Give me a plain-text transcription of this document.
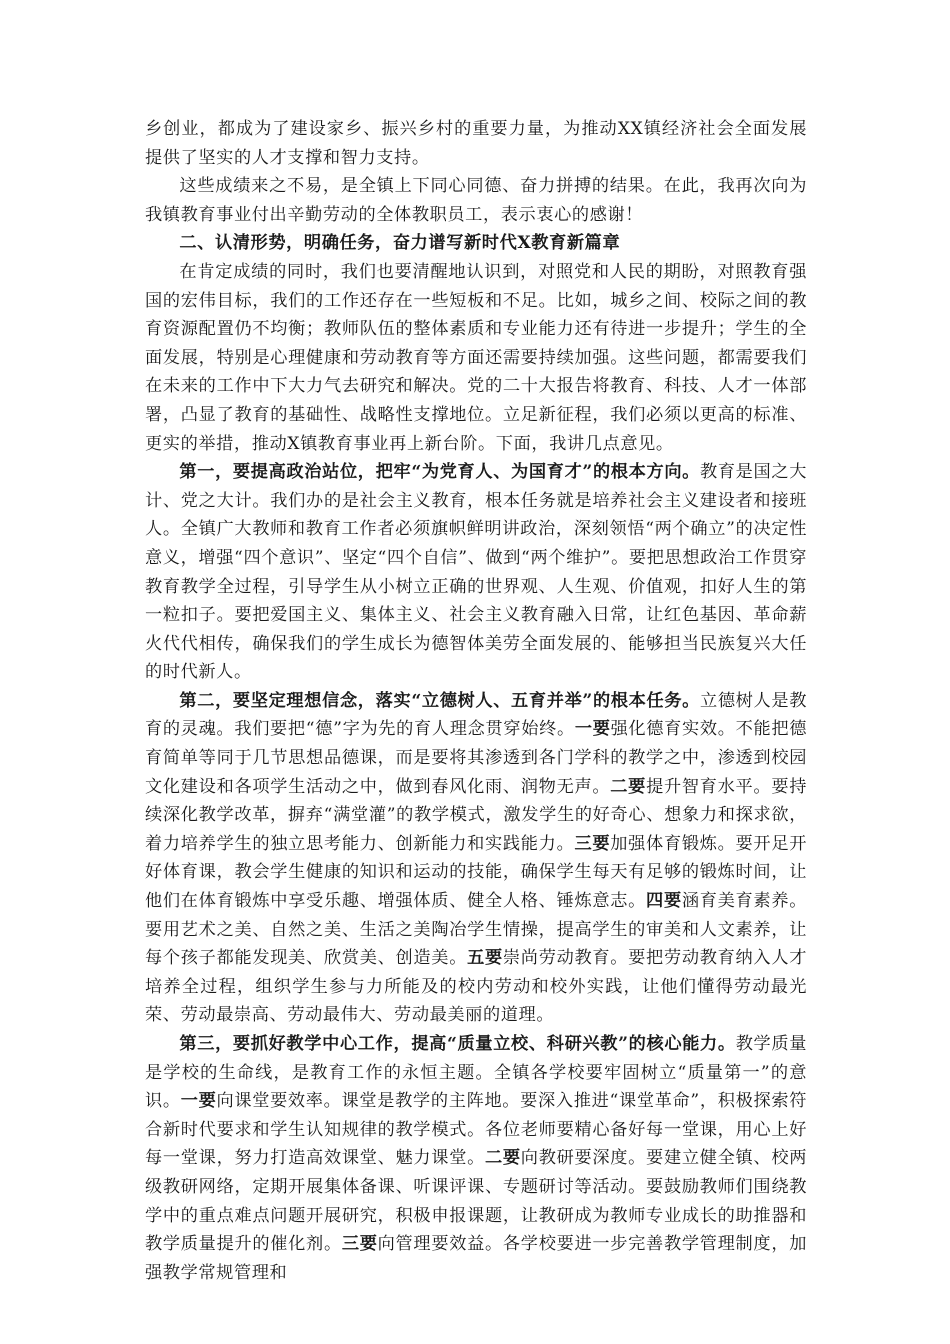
乡创业，都成为了建设家乡、振兴乡村的重要力量，为推动XX镇经济社会全面发展提供了坚实的人才支撑和智力支持。

这些成绩来之不易，是全镇上下同心同德、奋力拼搏的结果。在此，我再次向为我镇教育事业付出辛勤劳动的全体教职员工，表示衷心的感谢！

二、认清形势，明确任务，奋力谱写新时代X教育新篇章

在肯定成绩的同时，我们也要清醒地认识到，对照党和人民的期盼，对照教育强国的宏伟目标，我们的工作还存在一些短板和不足。比如，城乡之间、校际之间的教育资源配置仍不均衡；教师队伍的整体素质和专业能力还有待进一步提升；学生的全面发展，特别是心理健康和劳动教育等方面还需要持续加强。这些问题，都需要我们在未来的工作中下大力气去研究和解决。党的二十大报告将教育、科技、人才一体部署，凸显了教育的基础性、战略性支撑地位。立足新征程，我们必须以更高的标准、更实的举措，推动X镇教育事业再上新台阶。下面，我讲几点意见。

第一，要提高政治站位，把牢“为党育人、为国育才”的根本方向。教育是国之大计、党之大计。我们办的是社会主义教育，根本任务就是培养社会主义建设者和接班人。全镇广大教师和教育工作者必须旗帜鲜明讲政治，深刻领悟“两个确立”的决定性意义，增强“四个意识”、坚定“四个自信”、做到“两个维护”。要把思想政治工作贯穿教育教学全过程，引导学生从小树立正确的世界观、人生观、价值观，扣好人生的第一粒扣子。要把爱国主义、集体主义、社会主义教育融入日常，让红色基因、革命薪火代代相传，确保我们的学生成长为德智体美劳全面发展的、能够担当民族复兴大任的时代新人。

第二，要坚定理想信念，落实“立德树人、五育并举”的根本任务。立德树人是教育的灵魂。我们要把“德”字为先的育人理念贯穿始终。一要强化德育实效。不能把德育简单等同于几节思想品德课，而是要将其渗透到各门学科的教学之中，渗透到校园文化建设和各项学生活动之中，做到春风化雨、润物无声。二要提升智育水平。要持续深化教学改革，摒弃“满堂灌”的教学模式，激发学生的好奇心、想象力和探求欲，着力培养学生的独立思考能力、创新能力和实践能力。三要加强体育锻炼。要开足开好体育课，教会学生健康的知识和运动的技能，确保学生每天有足够的锻炼时间，让他们在体育锻炼中享受乐趣、增强体质、健全人格、锤炼意志。四要涵育美育素养。要用艺术之美、自然之美、生活之美陶冶学生情操，提高学生的审美和人文素养，让每个孩子都能发现美、欣赏美、创造美。五要崇尚劳动教育。要把劳动教育纳入人才培养全过程，组织学生参与力所能及的校内劳动和校外实践，让他们懂得劳动最光荣、劳动最崇高、劳动最伟大、劳动最美丽的道理。

第三，要抓好教学中心工作，提高“质量立校、科研兴教”的核心能力。教学质量是学校的生命线，是教育工作的永恒主题。全镇各学校要牢固树立“质量第一”的意识。一要向课堂要效率。课堂是教学的主阵地。要深入推进“课堂革命”，积极探索符合新时代要求和学生认知规律的教学模式。各位老师要精心备好每一堂课，用心上好每一堂课，努力打造高效课堂、魅力课堂。二要向教研要深度。要建立健全镇、校两级教研网络，定期开展集体备课、听课评课、专题研讨等活动。要鼓励教师们围绕教学中的重点难点问题开展研究，积极申报课题，让教研成为教师专业成长的助推器和教学质量提升的催化剂。三要向管理要效益。各学校要进一步完善教学管理制度，加强教学常规管理和
